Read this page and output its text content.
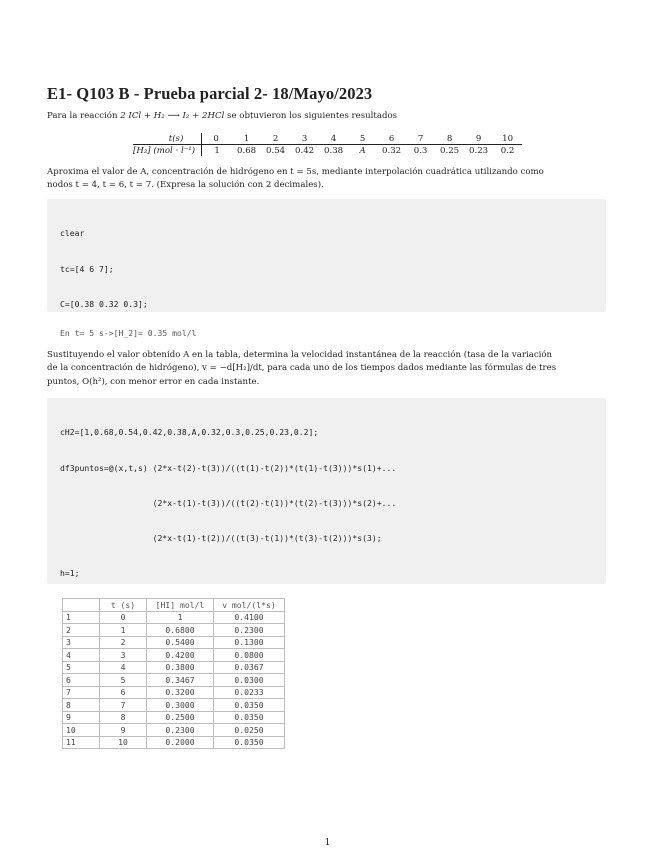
E1- Q103 B - Prueba parcial 2- 18/Mayo/2023
Para la reacción 2 ICl + H₂ ⟶ I₂ + 2HCl se obtuvieron los siguientes resultados
t(s)	0	1	2	3	4	5	6	7	8	9	10
[H₂] (mol · l⁻¹)	1	0.68	0.54	0.42	0.38	A	0.32	0.3	0.25	0.23	0.2
Aproxima el valor de A, concentración de hidrógeno en t = 5s, mediante interpolación cuadrática utilizando como
nodos t = 4, t = 6, t = 7. (Expresa la solución con 2 decimales).

clear

tc=[4 6 7];

C=[0.38 0.32 0.3];

En t= 5 s->[H_2]= 0.35 mol/l
Sustituyendo el valor obtenido A en la tabla, determina la velocidad instantánea de la reacción (tasa de la variación
de la concentración de hidrógeno), v = −d[H₂]/dt, para cada uno de los tiempos dados mediante las fórmulas de tres
puntos, O(h²), con menor error en cada instante.

cH2=[1,0.68,0.54,0.42,0.38,A,0.32,0.3,0.25,0.23,0.2];

df3puntos=@(x,t,s) (2*x-t(2)-t(3))/((t(1)-t(2))*(t(1)-t(3)))*s(1)+...

(2*x-t(1)-t(3))/((t(2)-t(1))*(t(2)-t(3)))*s(2)+...

(2*x-t(1)-t(2))/((t(3)-t(1))*(t(3)-t(2)))*s(3);

h=1;

	t (s)	[HI] mol/l	v mol/(l*s)
1	0	1	0.4100
2	1	0.6800	0.2300
3	2	0.5400	0.1300
4	3	0.4200	0.0800
5	4	0.3800	0.0367
6	5	0.3467	0.0300
7	6	0.3200	0.0233
8	7	0.3000	0.0350
9	8	0.2500	0.0350
10	9	0.2300	0.0250
11	10	0.2000	0.0350
1
